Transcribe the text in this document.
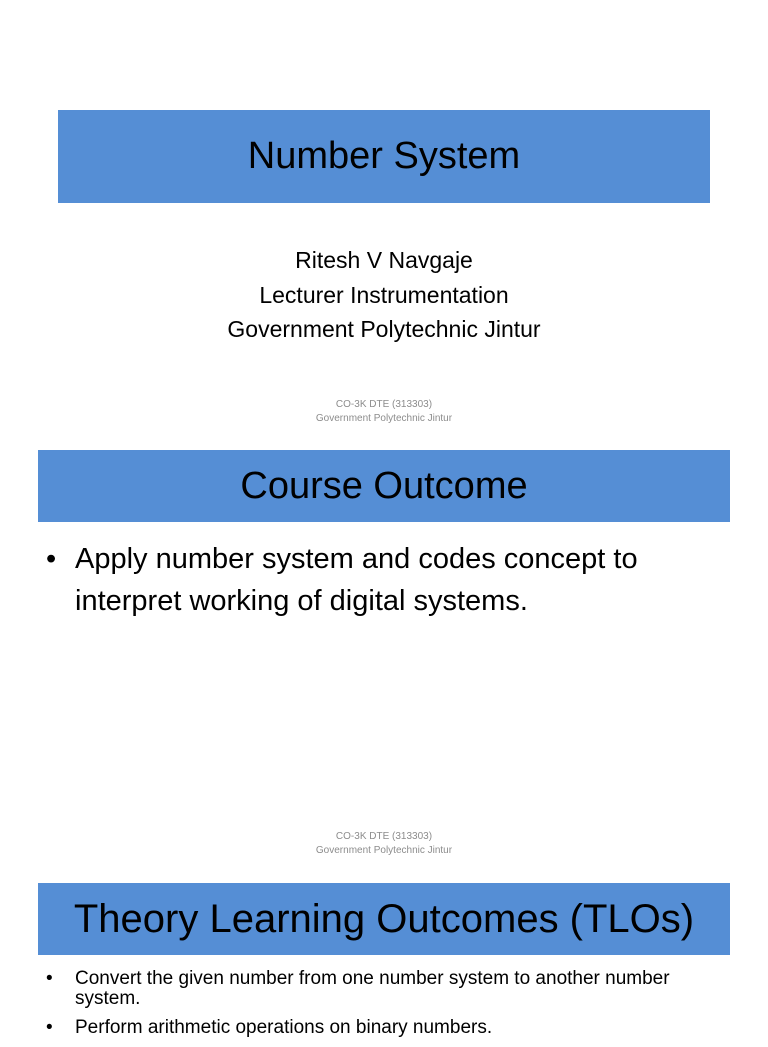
Number System
Ritesh V Navgaje
Lecturer Instrumentation
Government Polytechnic Jintur
CO-3K DTE (313303)
Government Polytechnic Jintur
Course Outcome
• Apply number system and codes concept to interpret working of digital systems.
CO-3K DTE (313303)
Government Polytechnic Jintur
Theory Learning Outcomes (TLOs)
• Convert the given number from one number system to another number system.
• Perform arithmetic operations on binary numbers.
